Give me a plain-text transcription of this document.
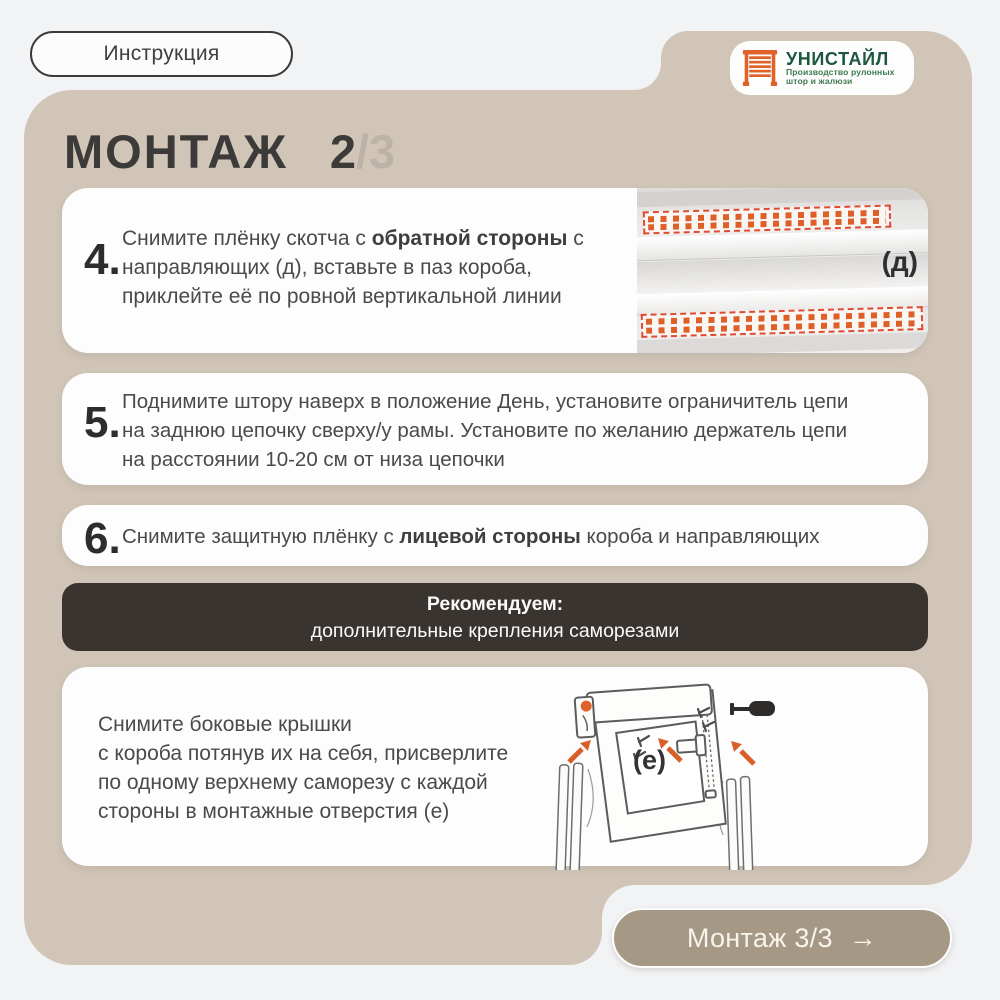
Инструкция	УНИСТАЙЛ
Производство рулонных
штор и жалюзи
МОНТАЖ 2 /3
4. Снимите плёнку скотча с обратной стороны с
направляющих (д), вставьте в паз короба,
приклейте её по ровной вертикальной линии
(д)
5. Поднимите штору наверх в положение День, установите ограничитель цепи
на заднюю цепочку сверху/у рамы. Установите по желанию держатель цепи
на расстоянии 10-20 см от низа цепочки
6. Снимите защитную плёнку с лицевой стороны короба и направляющих
Рекомендуем:
дополнительные крепления саморезами
Снимите боковые крышки
с короба потянув их на себя, присверлите
по одному верхнему саморезу с каждой
стороны в монтажные отверстия (е)
(e)
Монтаж 3/3 →
